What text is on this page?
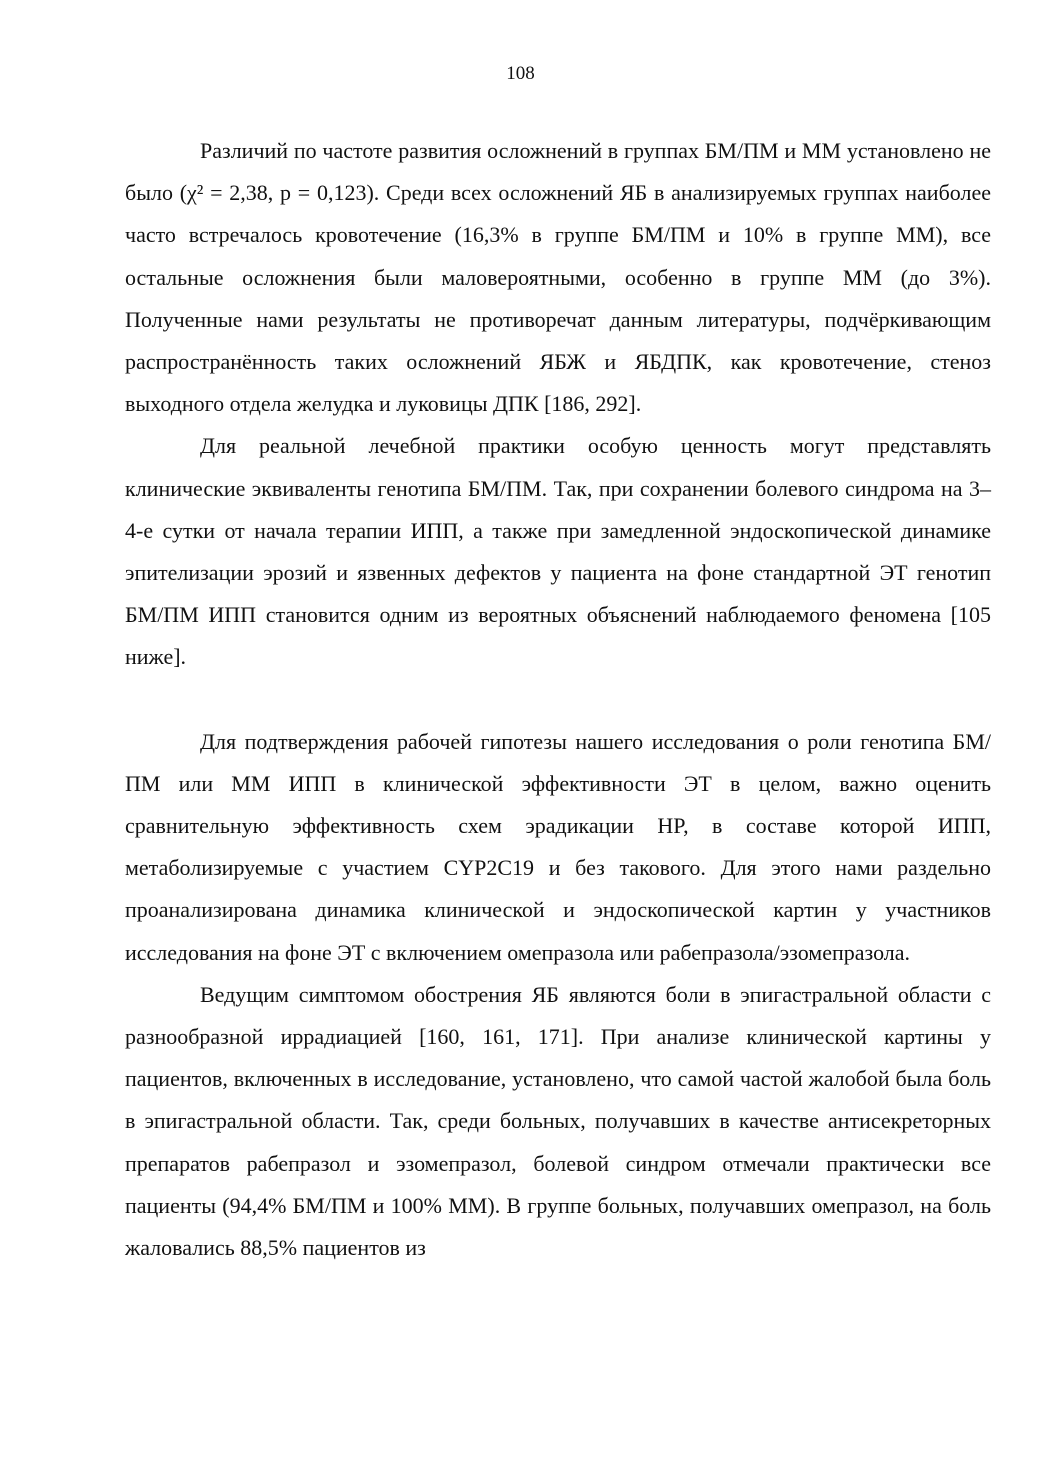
108

Различий по частоте развития осложнений в группах БМ/ПМ и ММ установлено не было (χ² = 2,38, p = 0,123). Среди всех осложнений ЯБ в анализируемых группах наиболее часто встречалось кровотечение (16,3% в группе БМ/ПМ и 10% в группе ММ), все остальные осложнения были маловероятными, особенно в группе ММ (до 3%). Полученные нами результаты не противоречат данным литературы, подчёркивающим распространённость таких осложнений ЯБЖ и ЯБДПК, как кровотечение, стеноз выходного отдела желудка и луковицы ДПК [186, 292].

Для реальной лечебной практики особую ценность могут представлять клинические эквиваленты генотипа БМ/ПМ. Так, при сохранении болевого синдрома на 3–4-е сутки от начала терапии ИПП, а также при замедленной эндоскопической динамике эпителизации эрозий и язвенных дефектов у пациента на фоне стандартной ЭТ генотип БМ/ПМ ИПП становится одним из вероятных объяснений наблюдаемого феномена [105 ниже].

Для подтверждения рабочей гипотезы нашего исследования о роли генотипа БМ/ПМ или ММ ИПП в клинической эффективности ЭТ в целом, важно оценить сравнительную эффективность схем эрадикации HP, в составе которой ИПП, метаболизируемые с участием CYP2C19 и без такового. Для этого нами раздельно проанализирована динамика клинической и эндоскопической картин у участников исследования на фоне ЭТ с включением омепразола или рабепразола/эзомепразола.

Ведущим симптомом обострения ЯБ являются боли в эпигастральной области с разнообразной иррадиацией [160, 161, 171]. При анализе клинической картины у пациентов, включенных в исследование, установлено, что самой частой жалобой была боль в эпигастральной области. Так, среди больных, получавших в качестве антисекреторных препаратов рабепразол и эзомепразол, болевой синдром отмечали практически все пациенты (94,4% БМ/ПМ и 100% ММ). В группе больных, получавших омепразол, на боль жаловались 88,5% пациентов из
